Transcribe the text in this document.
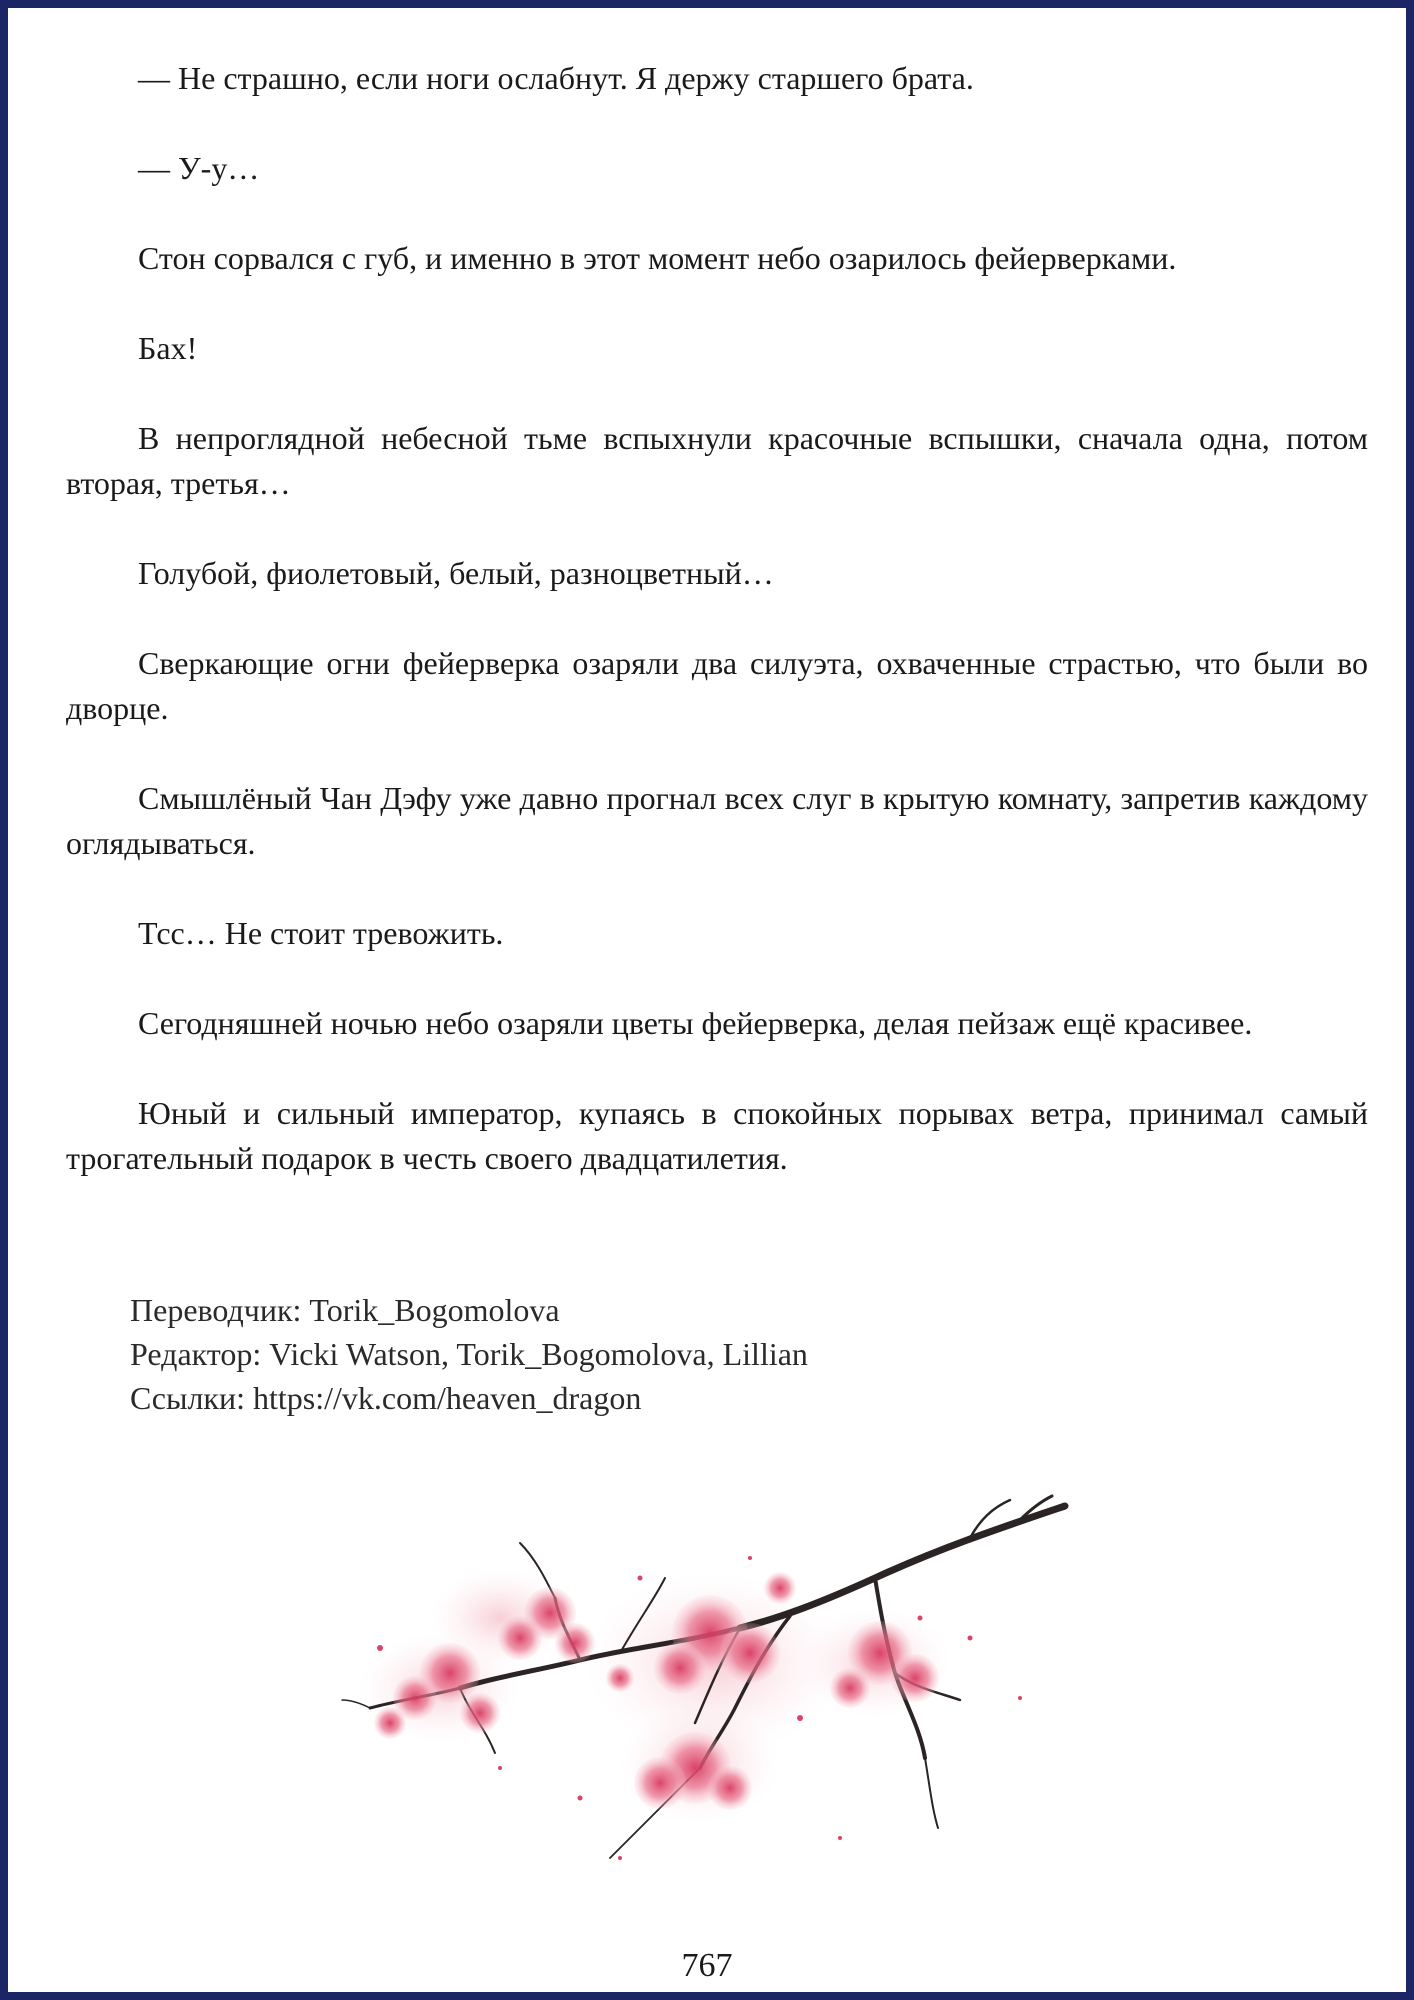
— Не страшно, если ноги ослабнут. Я держу старшего брата.

— У-у…

Стон сорвался с губ, и именно в этот момент небо озарилось фейерверками.

Бах!

В непроглядной небесной тьме вспыхнули красочные вспышки, сначала одна, потом вторая, третья…

Голубой, фиолетовый, белый, разноцветный…

Сверкающие огни фейерверка озаряли два силуэта, охваченные страстью, что были во дворце.

Смышлёный Чан Дэфу уже давно прогнал всех слуг в крытую комнату, запретив каждому оглядываться.

Тсс… Не стоит тревожить.

Сегодняшней ночью небо озаряли цветы фейерверка, делая пейзаж ещё красивее.

Юный и сильный император, купаясь в спокойных порывах ветра, принимал самый трогательный подарок в честь своего двадцатилетия.

Переводчик: Torik_Bogomolova
Редактор: Vicki Watson, Torik_Bogomolova, Lillian
Ссылки: https://vk.com/heaven_dragon
767
